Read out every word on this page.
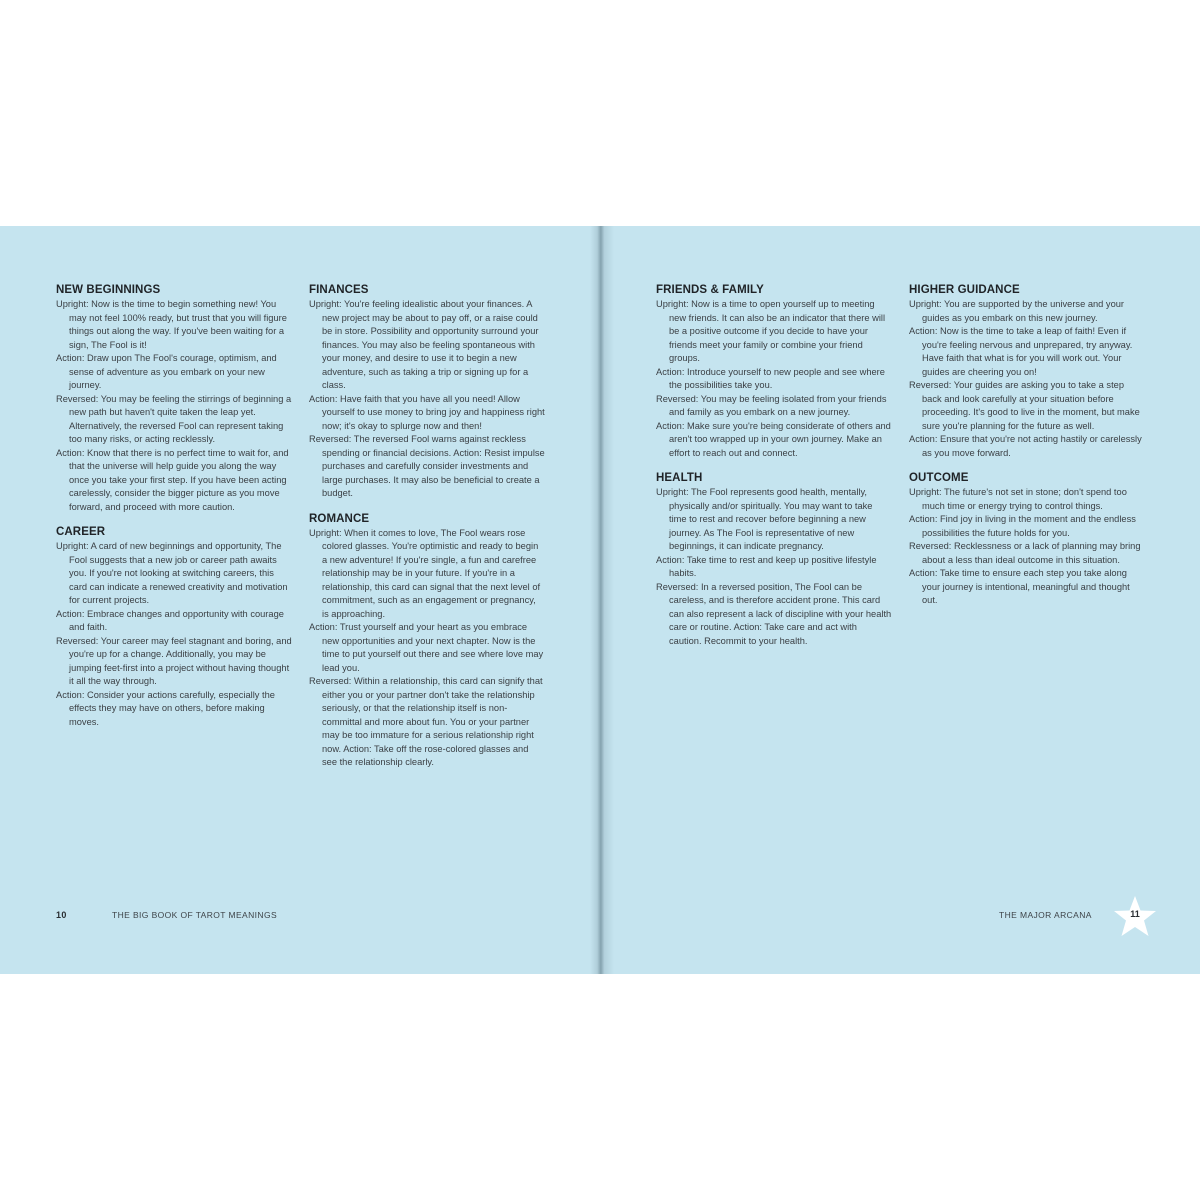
NEW BEGINNINGS

Upright: Now is the time to begin something new! You may not feel 100% ready, but trust that you will figure things out along the way. If you've been waiting for a sign, The Fool is it!

Action: Draw upon The Fool's courage, optimism, and sense of adventure as you embark on your new journey.

Reversed: You may be feeling the stirrings of beginning a new path but haven't quite taken the leap yet. Alternatively, the reversed Fool can represent taking too many risks, or acting recklessly.

Action: Know that there is no perfect time to wait for, and that the universe will help guide you along the way once you take your first step. If you have been acting carelessly, consider the bigger picture as you move forward, and proceed with more caution.

CAREER

Upright: A card of new beginnings and opportunity, The Fool suggests that a new job or career path awaits you. If you're not looking at switching careers, this card can indicate a renewed creativity and motivation for current projects.

Action: Embrace changes and opportunity with courage and faith.

Reversed: Your career may feel stagnant and boring, and you're up for a change. Additionally, you may be jumping feet-first into a project without having thought it all the way through.

Action: Consider your actions carefully, especially the effects they may have on others, before making moves.

FINANCES

Upright: You're feeling idealistic about your finances. A new project may be about to pay off, or a raise could be in store. Possibility and opportunity surround your finances. You may also be feeling spontaneous with your money, and desire to use it to begin a new adventure, such as taking a trip or signing up for a class.

Action: Have faith that you have all you need! Allow yourself to use money to bring joy and happiness right now; it's okay to splurge now and then!

Reversed: The reversed Fool warns against reckless spending or financial decisions. Action: Resist impulse purchases and carefully consider investments and large purchases. It may also be beneficial to create a budget.

ROMANCE

Upright: When it comes to love, The Fool wears rose colored glasses. You're optimistic and ready to begin a new adventure! If you're single, a fun and carefree relationship may be in your future. If you're in a relationship, this card can signal that the next level of commitment, such as an engagement or pregnancy, is approaching.

Action: Trust yourself and your heart as you embrace new opportunities and your next chapter. Now is the time to put yourself out there and see where love may lead you.

Reversed: Within a relationship, this card can signify that either you or your partner don't take the relationship seriously, or that the relationship itself is non-committal and more about fun. You or your partner may be too immature for a serious relationship right now. Action: Take off the rose-colored glasses and see the relationship clearly.

10	THE BIG BOOK OF TAROT MEANINGS
FRIENDS & FAMILY

Upright: Now is a time to open yourself up to meeting new friends. It can also be an indicator that there will be a positive outcome if you decide to have your friends meet your family or combine your friend groups.

Action: Introduce yourself to new people and see where the possibilities take you.

Reversed: You may be feeling isolated from your friends and family as you embark on a new journey.

Action: Make sure you're being considerate of others and aren't too wrapped up in your own journey. Make an effort to reach out and connect.

HEALTH

Upright: The Fool represents good health, mentally, physically and/or spiritually. You may want to take time to rest and recover before beginning a new journey. As The Fool is representative of new beginnings, it can indicate pregnancy.

Action: Take time to rest and keep up positive lifestyle habits.

Reversed: In a reversed position, The Fool can be careless, and is therefore accident prone. This card can also represent a lack of discipline with your health care or routine. Action: Take care and act with caution. Recommit to your health.

HIGHER GUIDANCE

Upright: You are supported by the universe and your guides as you embark on this new journey.

Action: Now is the time to take a leap of faith! Even if you're feeling nervous and unprepared, try anyway. Have faith that what is for you will work out. Your guides are cheering you on!

Reversed: Your guides are asking you to take a step back and look carefully at your situation before proceeding. It's good to live in the moment, but make sure you're planning for the future as well.

Action: Ensure that you're not acting hastily or carelessly as you move forward.

OUTCOME

Upright: The future's not set in stone; don't spend too much time or energy trying to control things.

Action: Find joy in living in the moment and the endless possibilities the future holds for you.

Reversed: Recklessness or a lack of planning may bring about a less than ideal outcome in this situation.

Action: Take time to ensure each step you take along your journey is intentional, meaningful and thought out.

THE MAJOR ARCANA	11
